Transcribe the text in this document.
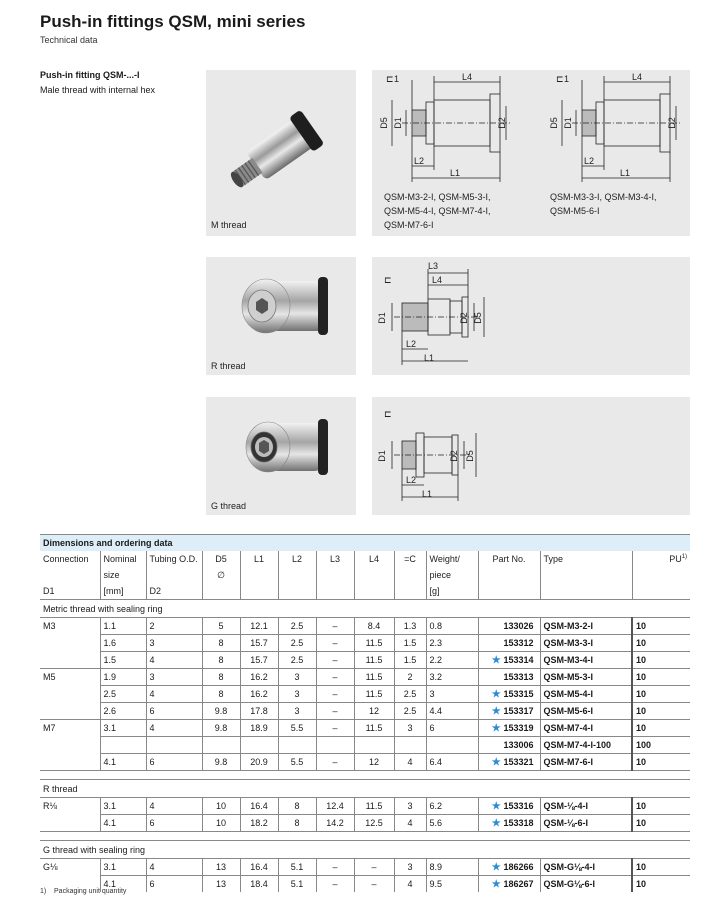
Push-in fittings QSM, mini series
Technical data
Push-in fitting QSM-...-I
Male thread with internal hex
M thread
⊏ 1	L4
D5 D1	D2
L2
L1
⊏ 1	L4
D5 D1	D2
L2
L1
QSM-M3-2-I, QSM-M5-3-I,
QSM-M5-4-I, QSM-M7-4-I,
QSM-M7-6-I
QSM-M3-3-I, QSM-M3-4-I,
QSM-M5-6-I
R thread
⊏
L3
L4
D1	D2 D5
L2
L1
G thread
⊏
D1	D2 D5
L2
L1
Dimensions and ordering data												
Connection	Nominal	Tubing O.D.	D5	L1	L2	L3	L4	=C	Weight/	Part No.	Type	PU$^{1)}$
	size		∅						piece			
D1	[mm]	D2							[g]			
Metric thread with sealing ring												
M3	1.1	2	5	12.1	2.5	–	8.4	1.3	0.8	133026	QSM-M3-2-I	10
	1.6	3	8	15.7	2.5	–	11.5	1.5	2.3	153312	QSM-M3-3-I	10
	1.5	4	8	15.7	2.5	–	11.5	1.5	2.2	★ 153314	QSM-M3-4-I	10
M5	1.9	3	8	16.2	3	–	11.5	2	3.2	153313	QSM-M5-3-I	10
	2.5	4	8	16.2	3	–	11.5	2.5	3	★ 153315	QSM-M5-4-I	10
	2.6	6	9.8	17.8	3	–	12	2.5	4.4	★ 153317	QSM-M5-6-I	10
M7	3.1	4	9.8	18.9	5.5	–	11.5	3	6	★ 153319	QSM-M7-4-I	10
										133006	QSM-M7-4-I-100	100
	4.1	6	9.8	20.9	5.5	–	12	4	6.4	★ 153321	QSM-M7-6-I	10

R thread												
R⅛	3.1	4	10	16.4	8	12.4	11.5	3	6.2	★ 153316	QSM-⅛-4-I	10
	4.1	6	10	18.2	8	14.2	12.5	4	5.6	★ 153318	QSM-⅛-6-I	10

G thread with sealing ring												
G⅛	3.1	4	13	16.4	5.1	–	–	3	8.9	★ 186266	QSM-G⅛-4-I	10
	4.1	6	13	18.4	5.1	–	–	4	9.5	★ 186267	QSM-G⅛-6-I	10
1) Packaging unit quantity
